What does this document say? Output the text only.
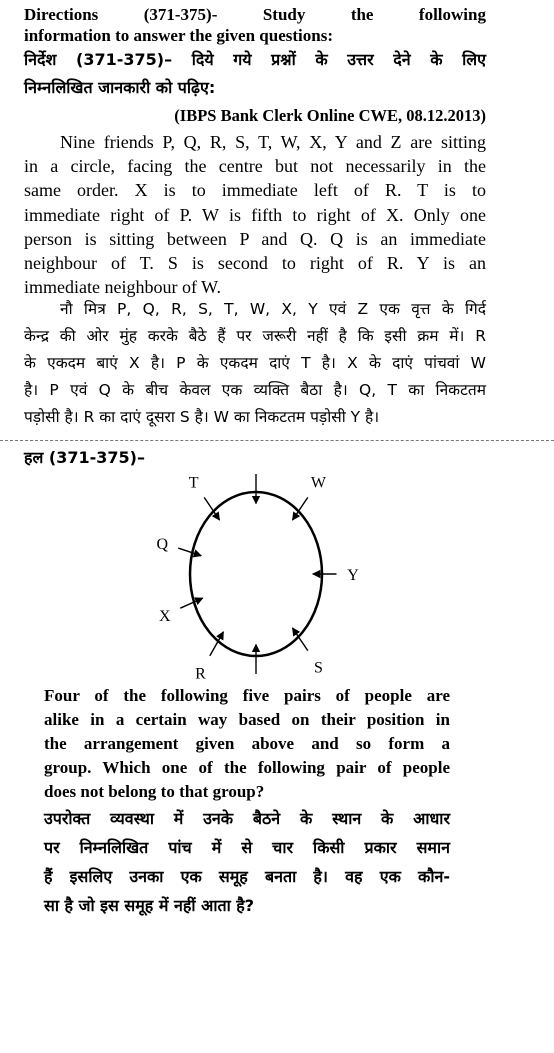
Directions (371-375)- Study the following
information to answer the given questions:
निर्देश (371-375)– दिये गये प्रश्नों के उत्तर देने के लिए
निम्नलिखित जानकारी को पढ़िए:
(IBPS Bank Clerk Online CWE, 08.12.2013)
Nine friends P, Q, R, S, T, W, X, Y and Z are sitting
in a circle, facing the centre but not necessarily in the
same order. X is to immediate left of R. T is to
immediate right of P. W is fifth to right of X. Only one
person is sitting between P and Q. Q is an immediate
neighbour of T. S is second to right of R. Y is an
immediate neighbour of W.
नौ मित्र P, Q, R, S, T, W, X, Y एवं Z एक वृत्त के गिर्द
केन्द्र की ओर मुंह करके बैठे हैं पर जरूरी नहीं है कि इसी क्रम में। R
के एकदम बाएं X है। P के एकदम दाएं T है। X के दाएं पांचवां W
है। P एवं Q के बीच केवल एक व्यक्ति बैठा है। Q, T का निकटतम
पड़ोसी है। R का दाएं दूसरा S है। W का निकटतम पड़ोसी Y है।
हल (371-375)–
W
Y
S
R
X
Q
T
Four of the following five pairs of people are
alike in a certain way based on their position in
the arrangement given above and so form a
group. Which one of the following pair of people
does not belong to that group?
उपरोक्त व्यवस्था में उनके बैठने के स्थान के आधार
पर निम्नलिखित पांच में से चार किसी प्रकार समान
हैं इसलिए उनका एक समूह बनता है। वह एक कौन-
सा है जो इस समूह में नहीं आता है?
